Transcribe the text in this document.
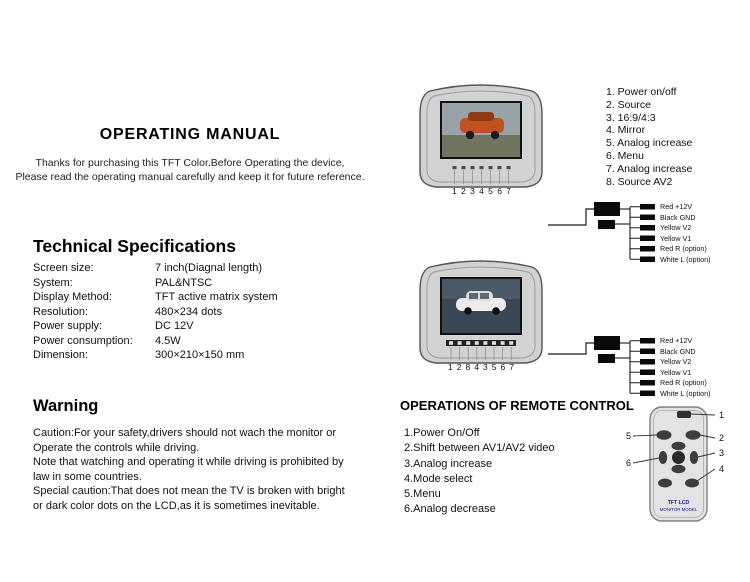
OPERATING MANUAL
Thanks for purchasing this TFT Color.Before Operating the device,
Please read the operating manual carefully and keep it for future reference.
Technical Specifications
Screen size:	7 inch(Diagnal length)
System:	PAL&NTSC
Display Method:	TFT active matrix system
Resolution:	480×234 dots
Power supply:	DC 12V
Power consumption:	4.5W
Dimension:	300×210×150 mm
Warning
Caution:For your safety,drivers should not wach the monitor or
Operate the controls while driving.
Note that watching and operating it while driving is prohibited by
law in some countries.
Special caution:That does not mean the TV is broken with bright
or dark color dots on the LCD,as it is sometimes inevitable.
1 2 3 4 5 6 7
1. Power on/off
2. Source
3. 16:9/4:3
4. Mirror
5. Analog increase
6. Menu
7. Analog increase
8. Source AV2
Red +12V
Black GND
Yellow V2
Yellow V1
Red R (option)
White L (option)
1 2 8 4 3 5 6 7
Red +12V
Black GND
Yellow V2
Yellow V1
Red R (option)
White L (option)
OPERATIONS OF REMOTE CONTROL
1.Power On/Off
2.Shift between AV1/AV2 video
3.Analog increase
4.Mode select
5.Menu
6.Analog decrease
TFT LCD
MONITOR MODEL
1
2
3
4
5
6
